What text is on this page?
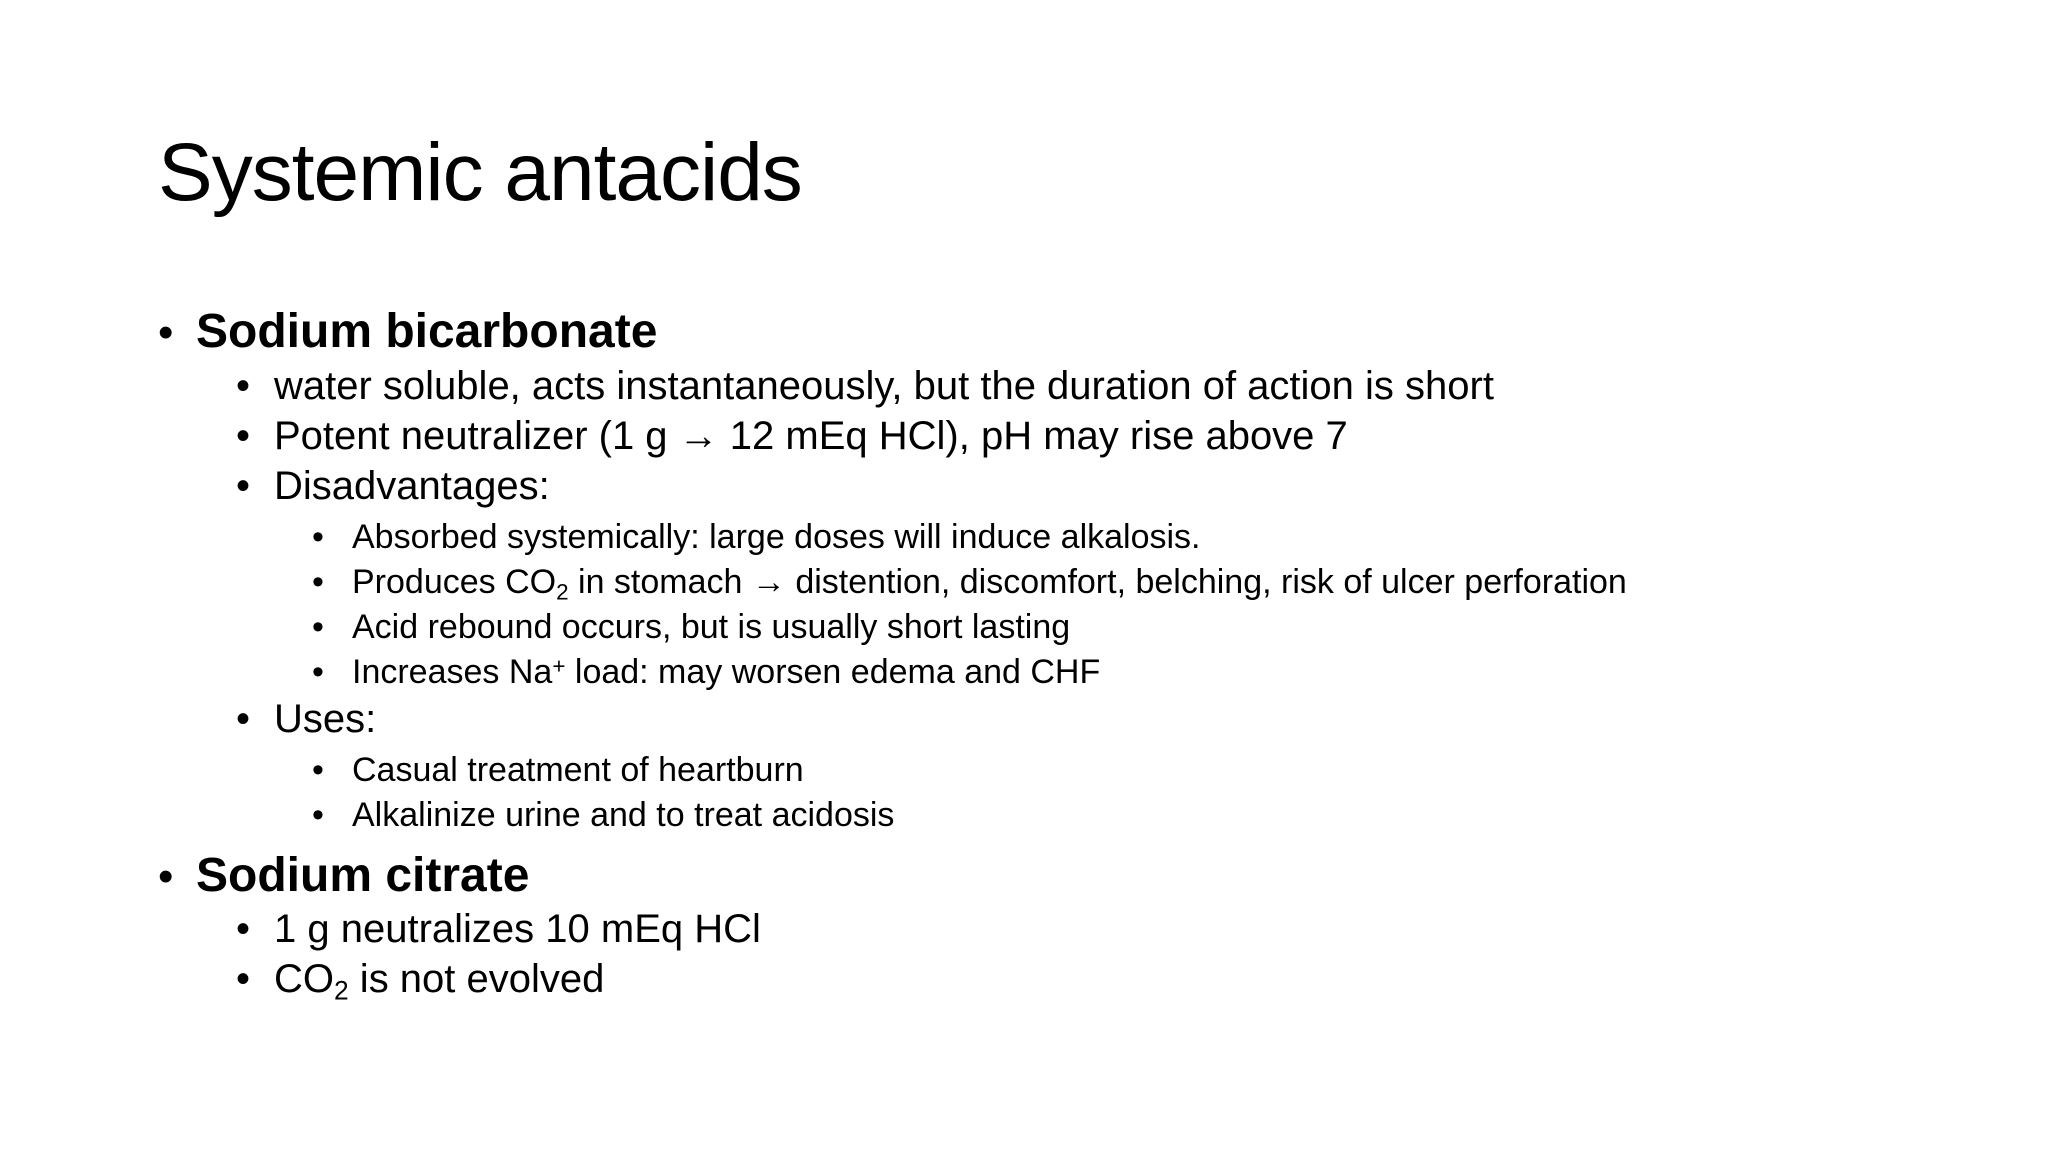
Systemic antacids
• Sodium bicarbonate
• water soluble, acts instantaneously, but the duration of action is short
• Potent neutralizer (1 g → 12 mEq HCl), pH may rise above 7
• Disadvantages:
• Absorbed systemically: large doses will induce alkalosis.
• Produces $CO_2$ in stomach → distention, discomfort, belching, risk of ulcer perforation
• Acid rebound occurs, but is usually short lasting
• Increases Na+ load: may worsen edema and CHF
• Uses:
• Casual treatment of heartburn
• Alkalinize urine and to treat acidosis
• Sodium citrate
• 1 g neutralizes 10 mEq HCl
• $CO_2$ is not evolved
